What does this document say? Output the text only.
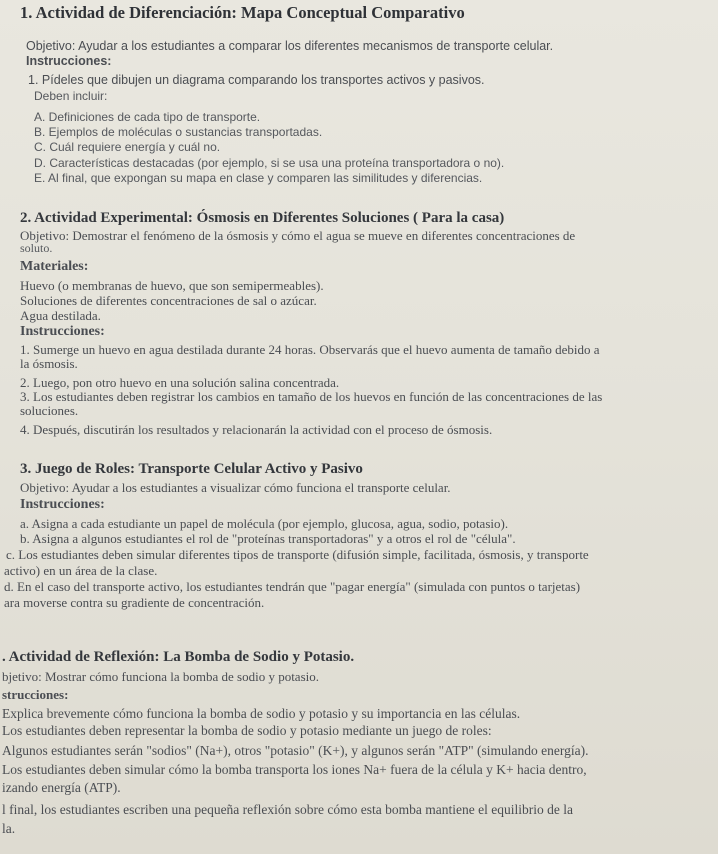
1. Actividad de Diferenciación: Mapa Conceptual Comparativo
Objetivo: Ayudar a los estudiantes a comparar los diferentes mecanismos de transporte celular.
Instrucciones:
1. Pídeles que dibujen un diagrama comparando los transportes activos y pasivos.
Deben incluir:
A. Definiciones de cada tipo de transporte.
B. Ejemplos de moléculas o sustancias transportadas.
C. Cuál requiere energía y cuál no.
D. Características destacadas (por ejemplo, si se usa una proteína transportadora o no).
E. Al final, que expongan su mapa en clase y comparen las similitudes y diferencias.
2. Actividad Experimental: Ósmosis en Diferentes Soluciones ( Para la casa)
Objetivo: Demostrar el fenómeno de la ósmosis y cómo el agua se mueve en diferentes concentraciones de
soluto.
Materiales:
Huevo (o membranas de huevo, que son semipermeables).
Soluciones de diferentes concentraciones de sal o azúcar.
Agua destilada.
Instrucciones:
1. Sumerge un huevo en agua destilada durante 24 horas. Observarás que el huevo aumenta de tamaño debido a
la ósmosis.
2. Luego, pon otro huevo en una solución salina concentrada.
3. Los estudiantes deben registrar los cambios en tamaño de los huevos en función de las concentraciones de las
soluciones.
4. Después, discutirán los resultados y relacionarán la actividad con el proceso de ósmosis.
3. Juego de Roles: Transporte Celular Activo y Pasivo
Objetivo: Ayudar a los estudiantes a visualizar cómo funciona el transporte celular.
Instrucciones:
a. Asigna a cada estudiante un papel de molécula (por ejemplo, glucosa, agua, sodio, potasio).
b. Asigna a algunos estudiantes el rol de "proteínas transportadoras" y a otros el rol de "célula".
c. Los estudiantes deben simular diferentes tipos de transporte (difusión simple, facilitada, ósmosis, y transporte
activo) en un área de la clase.
d. En el caso del transporte activo, los estudiantes tendrán que "pagar energía" (simulada con puntos o tarjetas)
ara moverse contra su gradiente de concentración.
. Actividad de Reflexión: La Bomba de Sodio y Potasio.
bjetivo: Mostrar cómo funciona la bomba de sodio y potasio.
strucciones:
Explica brevemente cómo funciona la bomba de sodio y potasio y su importancia en las células.
Los estudiantes deben representar la bomba de sodio y potasio mediante un juego de roles:
Algunos estudiantes serán "sodios" (Na+), otros "potasio" (K+), y algunos serán "ATP" (simulando energía).
Los estudiantes deben simular cómo la bomba transporta los iones Na+ fuera de la célula y K+ hacia dentro,
izando energía (ATP).
l final, los estudiantes escriben una pequeña reflexión sobre cómo esta bomba mantiene el equilibrio de la
la.
